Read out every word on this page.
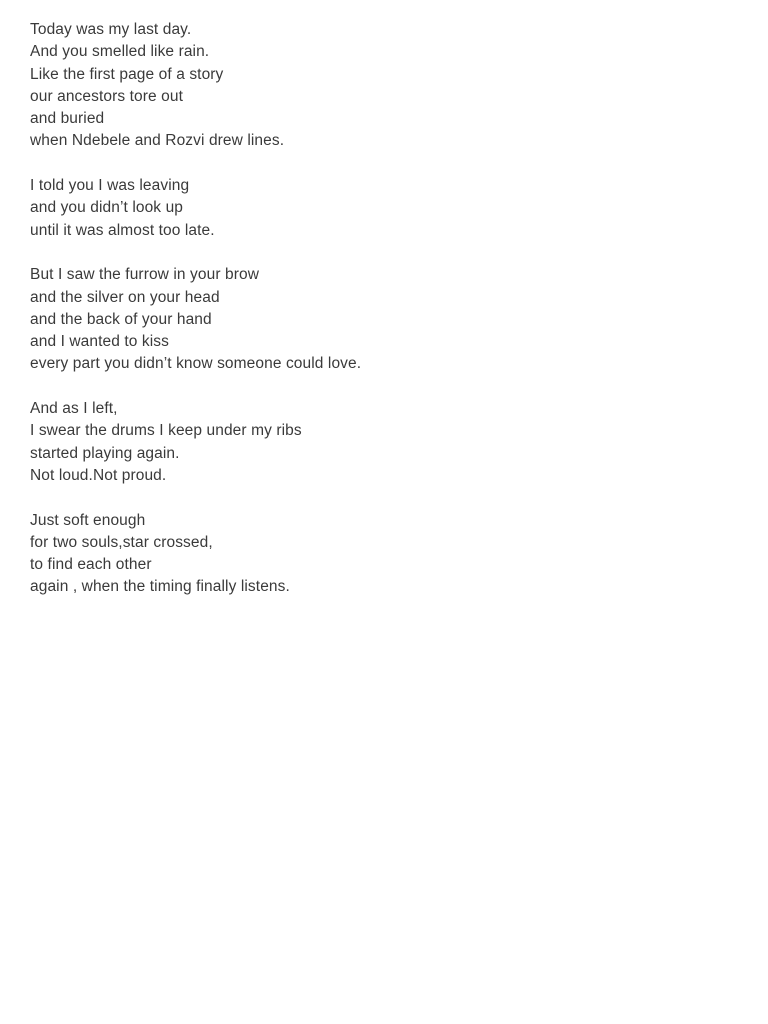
Today was my last day.
And you smelled like rain.
Like the first page of a story
our ancestors tore out
and buried
when Ndebele and Rozvi drew lines.
I told you I was leaving
and you didn’t look up
until it was almost too late.
But I saw the furrow in your brow
and the silver on your head
and the back of your hand
and I wanted to kiss
every part you didn’t know someone could love.
And as I left,
I swear the drums I keep under my ribs
started playing again.
Not loud.Not proud.
Just soft enough
for two souls,star crossed,
to find each other
again , when the timing finally listens.
